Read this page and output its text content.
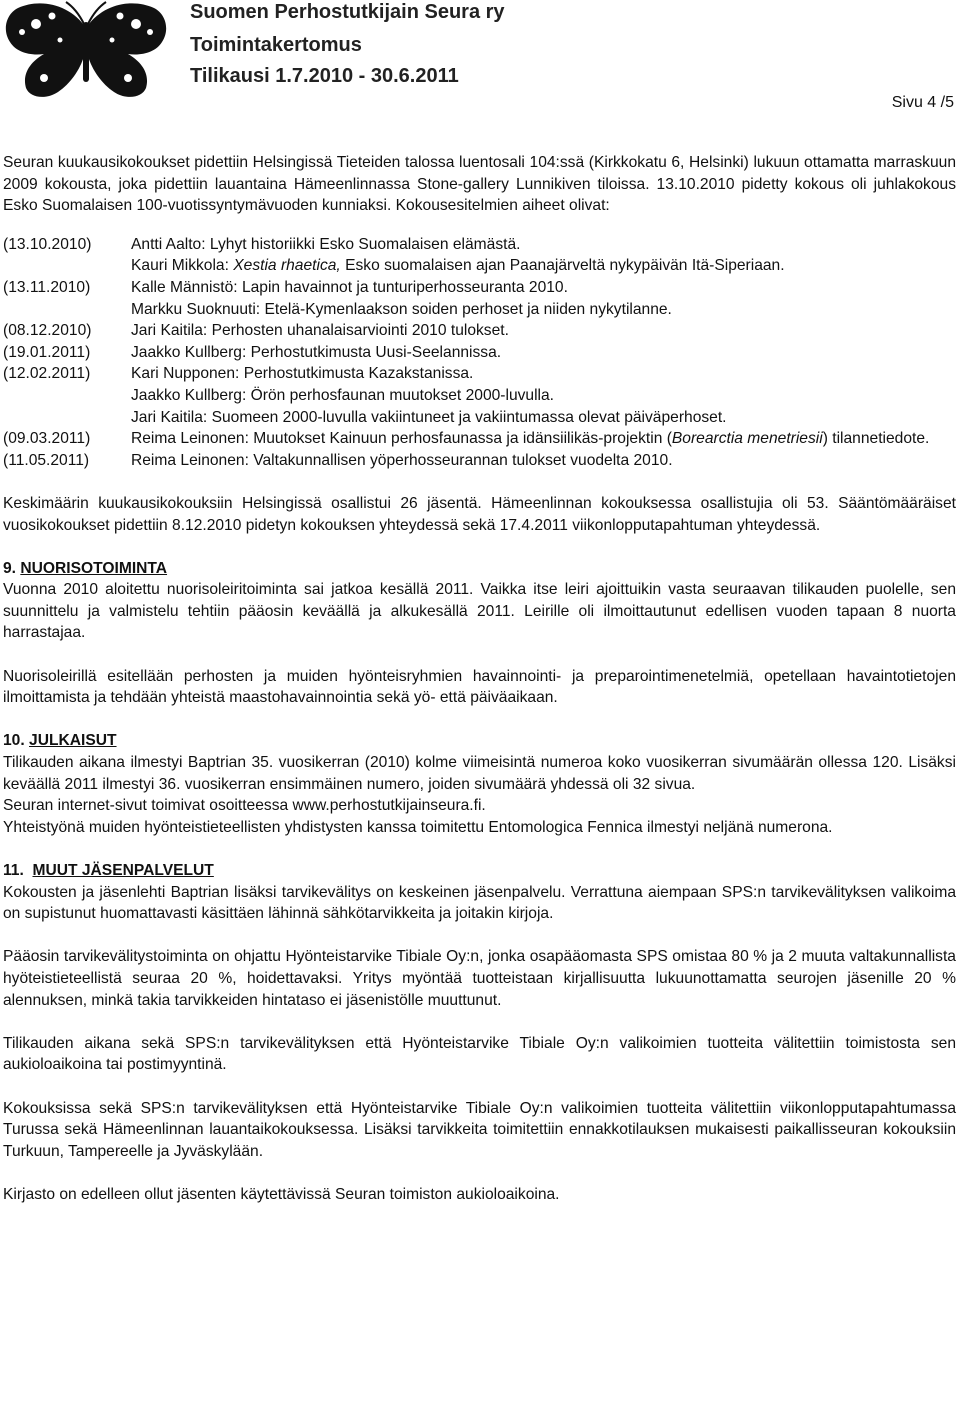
Suomen Perhostutkijain Seura ry
Toimintakertomus
Tilikausi 1.7.2010 - 30.6.2011
Sivu 4 /5

Seuran kuukausikokoukset pidettiin Helsingissä Tieteiden talossa luentosali 104:ssä (Kirkkokatu 6, Helsinki) lukuun ottamatta marraskuun 2009 kokousta, joka pidettiin lauantaina Hämeenlinnassa Stone-gallery Lunnikiven tiloissa. 13.10.2010 pidetty kokous oli juhlakokous Esko Suomalaisen 100-vuotissyntymävuoden kunniaksi. Kokousesitelmien aiheet olivat:

(13.10.2010)	Antti Aalto: Lyhyt historiikki Esko Suomalaisen elämästä.
Kauri Mikkola: Xestia rhaetica, Esko suomalaisen ajan Paanajärveltä nykypäivän Itä-Siperiaan.
(13.11.2010)	Kalle Männistö: Lapin havainnot ja tunturiperhosseuranta 2010.
Markku Suoknuuti: Etelä-Kymenlaakson soiden perhoset ja niiden nykytilanne.
(08.12.2010)	Jari Kaitila: Perhosten uhanalaisarviointi 2010 tulokset.
(19.01.2011)	Jaakko Kullberg: Perhostutkimusta Uusi-Seelannissa.
(12.02.2011)	Kari Nupponen: Perhostutkimusta Kazakstanissa.
Jaakko Kullberg: Örön perhosfaunan muutokset 2000-luvulla.
Jari Kaitila: Suomeen 2000-luvulla vakiintuneet ja vakiintumassa olevat päiväperhoset.
(09.03.2011)	Reima Leinonen: Muutokset Kainuun perhosfaunassa ja idänsiilikäs-projektin (Borearctia menetriesii) tilannetiedote.
(11.05.2011)	Reima Leinonen: Valtakunnallisen yöperhosseurannan tulokset vuodelta 2010.

Keskimäärin kuukausikokouksiin Helsingissä osallistui 26 jäsentä. Hämeenlinnan kokouksessa osallistujia oli 53. Sääntömääräiset vuosikokoukset pidettiin 8.12.2010 pidetyn kokouksen yhteydessä sekä 17.4.2011 viikonlopputapahtuman yhteydessä.

9. NUORISOTOIMINTA

Vuonna 2010 aloitettu nuorisoleiritoiminta sai jatkoa kesällä 2011. Vaikka itse leiri ajoittuikin vasta seuraavan tilikauden puolelle, sen suunnittelu ja valmistelu tehtiin pääosin keväällä ja alkukesällä 2011. Leirille oli ilmoittautunut edellisen vuoden tapaan 8 nuorta harrastajaa.

Nuorisoleirillä esitellään perhosten ja muiden hyönteisryhmien havainnointi- ja preparointimenetelmiä, opetellaan havaintotietojen ilmoittamista ja tehdään yhteistä maastohavainnointia sekä yö- että päiväaikaan.

10. JULKAISUT

Tilikauden aikana ilmestyi Baptrian 35. vuosikerran (2010) kolme viimeisintä numeroa koko vuosikerran sivumäärän ollessa 120. Lisäksi keväällä 2011 ilmestyi 36. vuosikerran ensimmäinen numero, joiden sivumäärä yhdessä oli 32 sivua.

Seuran internet-sivut toimivat osoitteessa www.perhostutkijainseura.fi.

Yhteistyönä muiden hyönteistieteellisten yhdistysten kanssa toimitettu Entomologica Fennica ilmestyi neljänä numerona.

11.  MUUT JÄSENPALVELUT

Kokousten ja jäsenlehti Baptrian lisäksi tarvikevälitys on keskeinen jäsenpalvelu. Verrattuna aiempaan SPS:n tarvikevälityksen valikoima on supistunut huomattavasti käsittäen lähinnä sähkötarvikkeita ja joitakin kirjoja.

Pääosin tarvikevälitystoiminta on ohjattu Hyönteistarvike Tibiale Oy:n, jonka osapääomasta SPS omistaa 80 % ja 2 muuta valtakunnallista hyöteistieteellistä seuraa 20 %, hoidettavaksi. Yritys myöntää tuotteistaan kirjallisuutta lukuunottamatta seurojen jäsenille 20 % alennuksen, minkä takia tarvikkeiden hintataso ei jäsenistölle muuttunut.

Tilikauden aikana sekä SPS:n tarvikevälityksen että Hyönteistarvike Tibiale Oy:n valikoimien tuotteita välitettiin toimistosta sen aukioloaikoina tai postimyyntinä.

Kokouksissa sekä SPS:n tarvikevälityksen että Hyönteistarvike Tibiale Oy:n valikoimien tuotteita välitettiin viikonlopputapahtumassa Turussa sekä Hämeenlinnan lauantaikokouksessa. Lisäksi tarvikkeita toimitettiin ennakkotilauksen mukaisesti paikallisseuran kokouksiin Turkuun, Tampereelle ja Jyväskylään.

Kirjasto on edelleen ollut jäsenten käytettävissä Seuran toimiston aukioloaikoina.
